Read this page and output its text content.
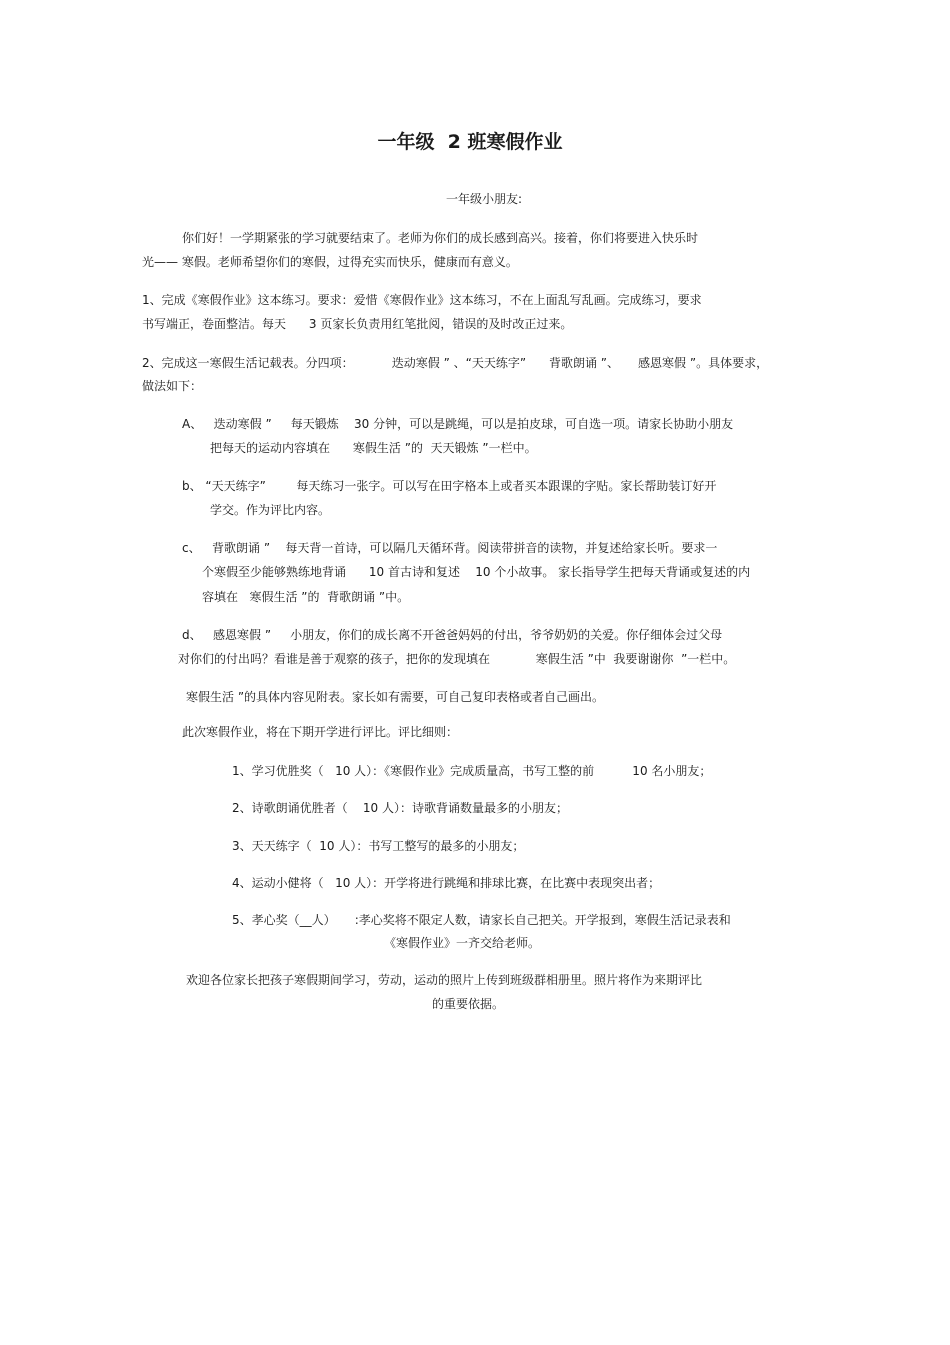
一年级  2 班寒假作业

一年级小朋友:

你们好！一学期紧张的学习就要结束了。老师为你们的成长感到高兴。接着，你们将要进入快乐时

光—— 寒假。老师希望你们的寒假，过得充实而快乐，健康而有意义。

1、完成《寒假作业》这本练习。要求：爱惜《寒假作业》这本练习，不在上面乱写乱画。完成练习，要求

书写端正，卷面整洁。每天      3 页家长负责用红笔批阅，错误的及时改正过来。

2、完成这一寒假生活记载表。分四项：          迭动寒假 ” 、“天天练字”      背歌朗诵 ”、     感恩寒假 ”。具体要求，

做法如下：

A、   迭动寒假 ”     每天锻炼    30 分钟，可以是跳绳，可以是拍皮球，可自选一项。请家长协助小朋友

把每天的运动内容填在      寒假生活 ”的  天天锻炼 ”一栏中。

b、 “天天练字”        每天练习一张字。可以写在田字格本上或者买本跟课的字贴。家长帮助装订好开

学交。作为评比内容。

c、   背歌朗诵 ”    每天背一首诗，可以隔几天循环背。阅读带拼音的读物，并复述给家长听。要求一

个寒假至少能够熟练地背诵      10 首古诗和复述    10 个小故事。 家长指导学生把每天背诵或复述的内

容填在   寒假生活 ”的  背歌朗诵 ”中。

d、   感恩寒假 ”     小朋友，你们的成长离不开爸爸妈妈的付出，爷爷奶奶的关爱。你仔细体会过父母

对你们的付出吗？看谁是善于观察的孩子，把你的发现填在            寒假生活 ”中  我要谢谢你  ”一栏中。

寒假生活 ”的具体内容见附表。家长如有需要，可自己复印表格或者自己画出。

此次寒假作业，将在下期开学进行评比。评比细则：

1、学习优胜奖（   10 人）：《寒假作业》完成质量高，书写工整的前          10 名小朋友；

2、诗歌朗诵优胜者（    10 人）：诗歌背诵数量最多的小朋友；

3、天天练字（  10 人）：书写工整写的最多的小朋友；

4、运动小健将（   10 人）：开学将进行跳绳和排球比赛，在比赛中表现突出者；

5、孝心奖（__人）     :孝心奖将不限定人数，请家长自己把关。开学报到，寒假生活记录表和

《寒假作业》一齐交给老师。

欢迎各位家长把孩子寒假期间学习，劳动，运动的照片上传到班级群相册里。照片将作为来期评比

的重要依据。
